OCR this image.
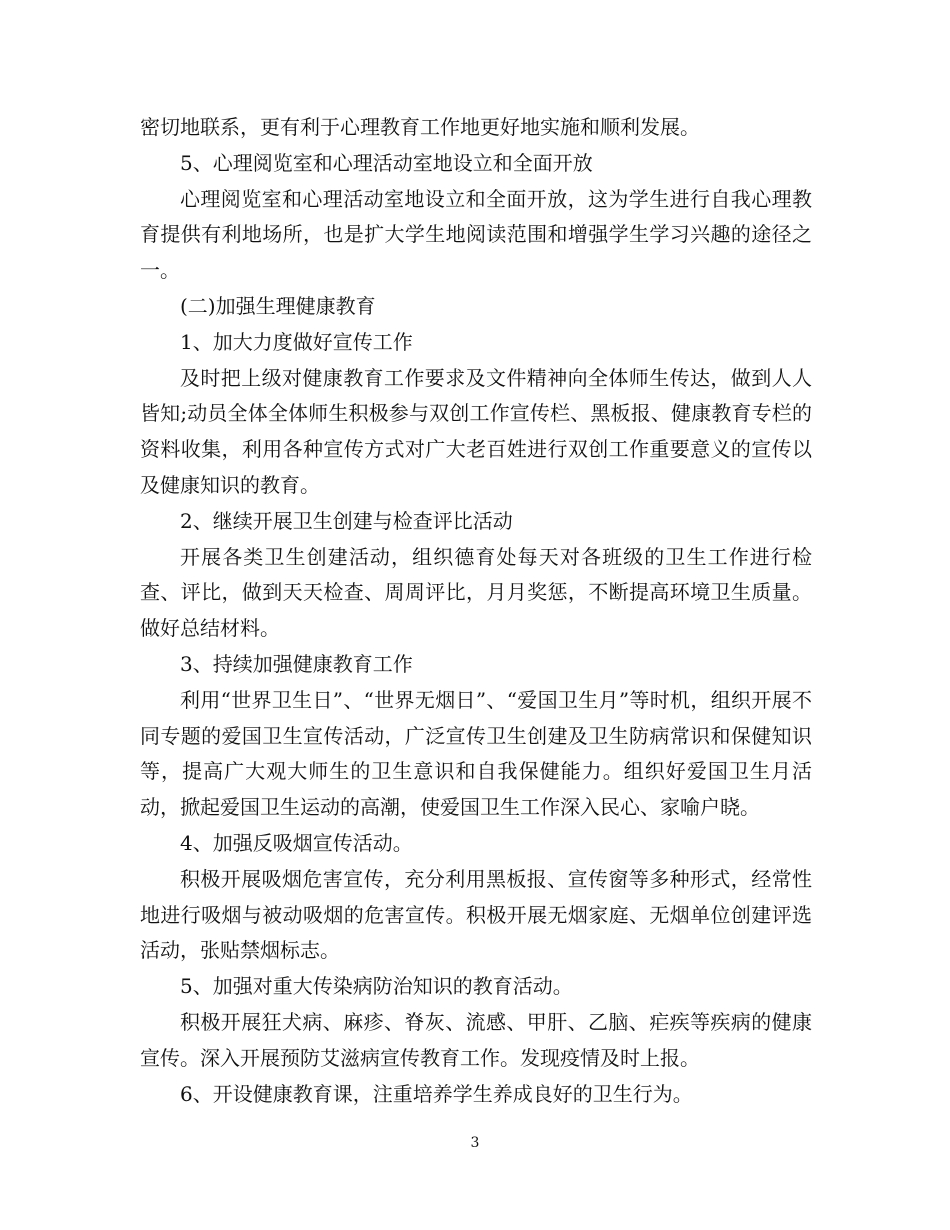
密切地联系，更有利于心理教育工作地更好地实施和顺利发展。

5、心理阅览室和心理活动室地设立和全面开放

心理阅览室和心理活动室地设立和全面开放，这为学生进行自我心理教育提供有利地场所，也是扩大学生地阅读范围和增强学生学习兴趣的途径之一。

(二)加强生理健康教育

1、加大力度做好宣传工作

及时把上级对健康教育工作要求及文件精神向全体师生传达，做到人人皆知;动员全体全体师生积极参与双创工作宣传栏、黑板报、健康教育专栏的资料收集，利用各种宣传方式对广大老百姓进行双创工作重要意义的宣传以及健康知识的教育。

2、继续开展卫生创建与检查评比活动

开展各类卫生创建活动，组织德育处每天对各班级的卫生工作进行检查、评比，做到天天检查、周周评比，月月奖惩，不断提高环境卫生质量。做好总结材料。

3、持续加强健康教育工作

利用“世界卫生日”、“世界无烟日”、“爱国卫生月”等时机，组织开展不同专题的爱国卫生宣传活动，广泛宣传卫生创建及卫生防病常识和保健知识等，提高广大观大师生的卫生意识和自我保健能力。组织好爱国卫生月活动，掀起爱国卫生运动的高潮，使爱国卫生工作深入民心、家喻户晓。

4、加强反吸烟宣传活动。

积极开展吸烟危害宣传，充分利用黑板报、宣传窗等多种形式，经常性地进行吸烟与被动吸烟的危害宣传。积极开展无烟家庭、无烟单位创建评选活动，张贴禁烟标志。

5、加强对重大传染病防治知识的教育活动。

积极开展狂犬病、麻疹、脊灰、流感、甲肝、乙脑、疟疾等疾病的健康宣传。深入开展预防艾滋病宣传教育工作。发现疫情及时上报。

6、开设健康教育课，注重培养学生养成良好的卫生行为。

3
